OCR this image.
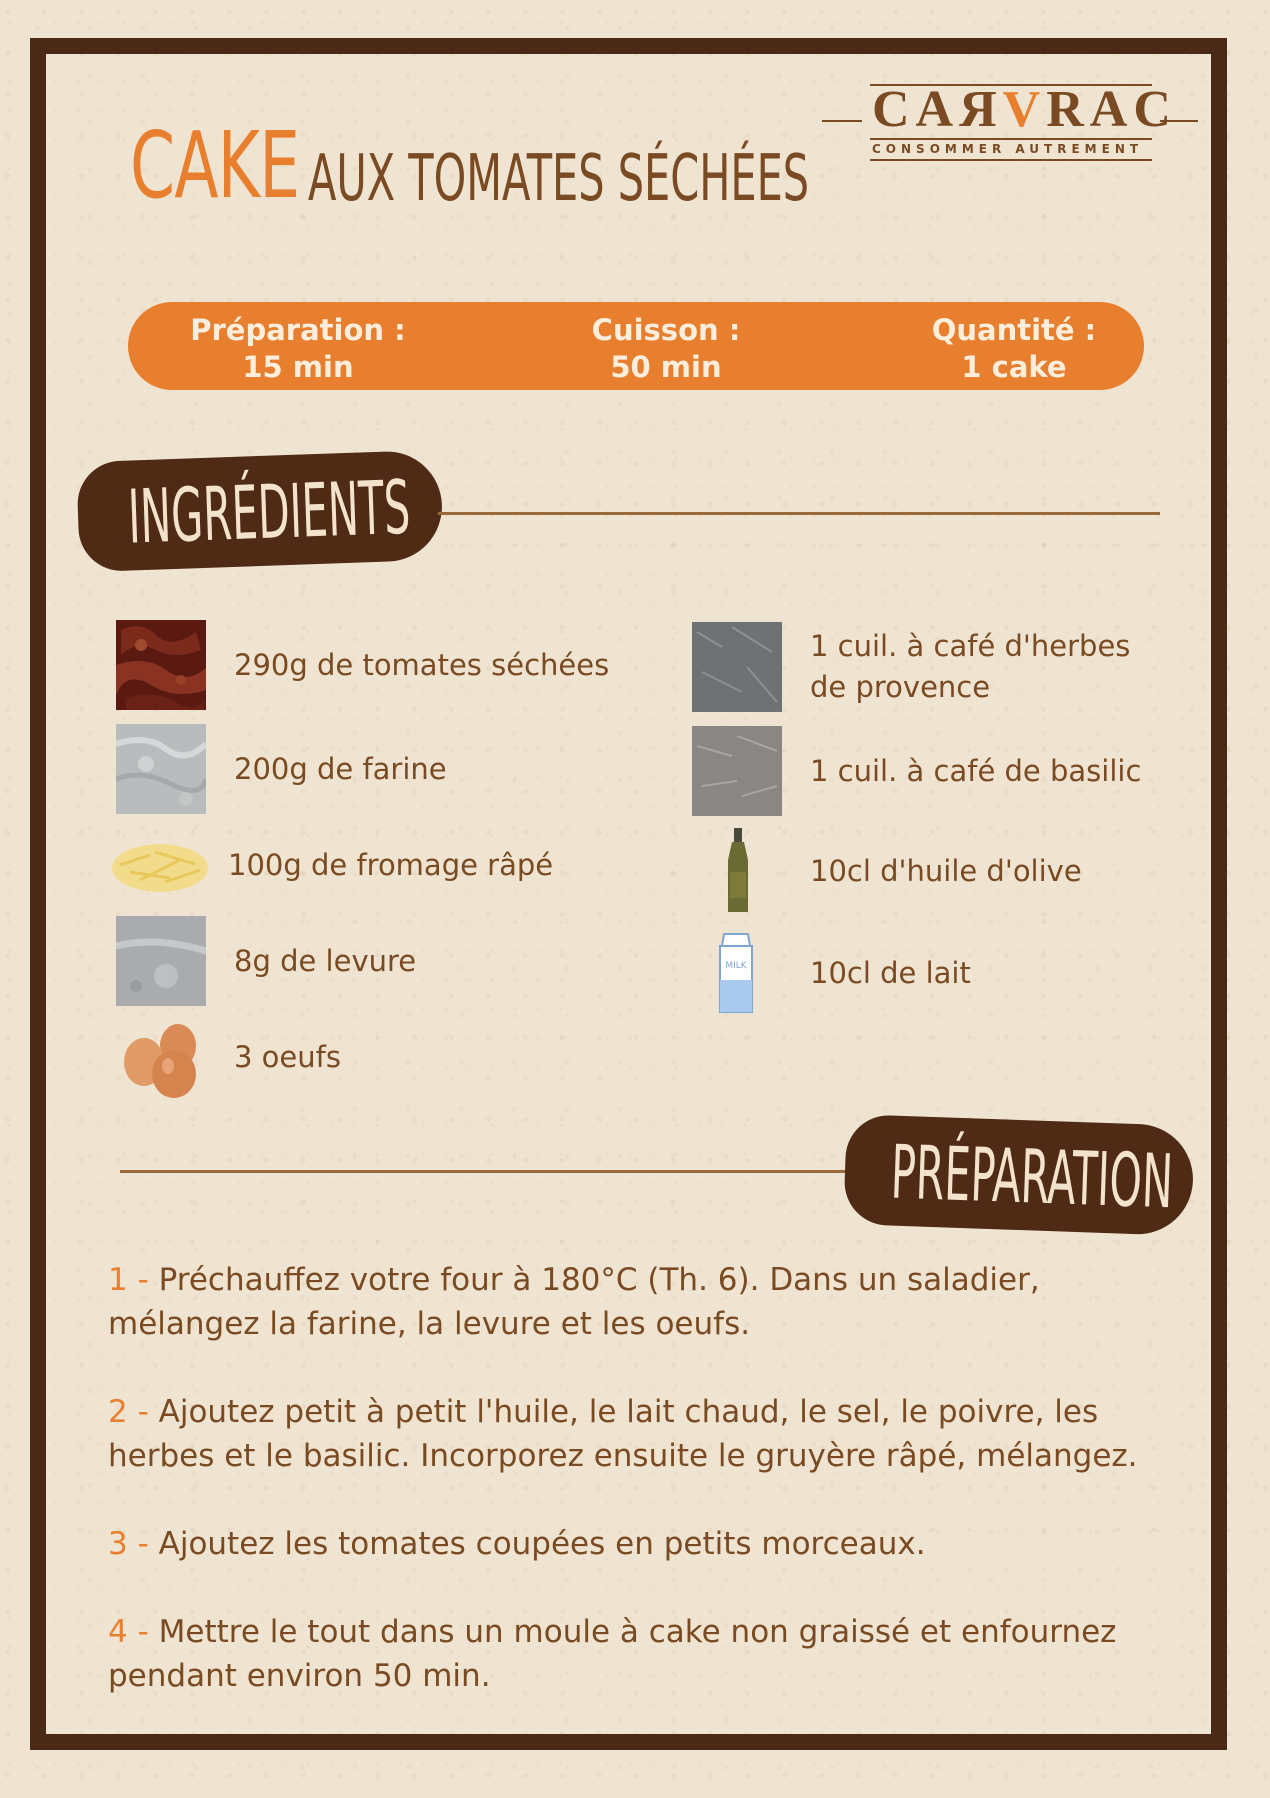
CAKE AUX TOMATES SÉCHÉES
CAЯVRAC
CONSOMMER AUTREMENT
Préparation :
15 min
Cuisson :
50 min
Quantité :
1 cake
INGRÉDIENTS
290g de tomates séchées
200g de farine
100g de fromage râpé
8g de levure
3 oeufs
1 cuil. à café d'herbes de provence
1 cuil. à café de basilic
10cl d'huile d'olive
MILK 10cl de lait
PRÉPARATION
1 - Préchauffez votre four à 180°C (Th. 6). Dans un saladier, mélangez la farine, la levure et les oeufs.
2 - Ajoutez petit à petit l'huile, le lait chaud, le sel, le poivre, les herbes et le basilic. Incorporez ensuite le gruyère râpé, mélangez.
3 - Ajoutez les tomates coupées en petits morceaux.
4 - Mettre le tout dans un moule à cake non graissé et enfournez pendant environ 50 min.
